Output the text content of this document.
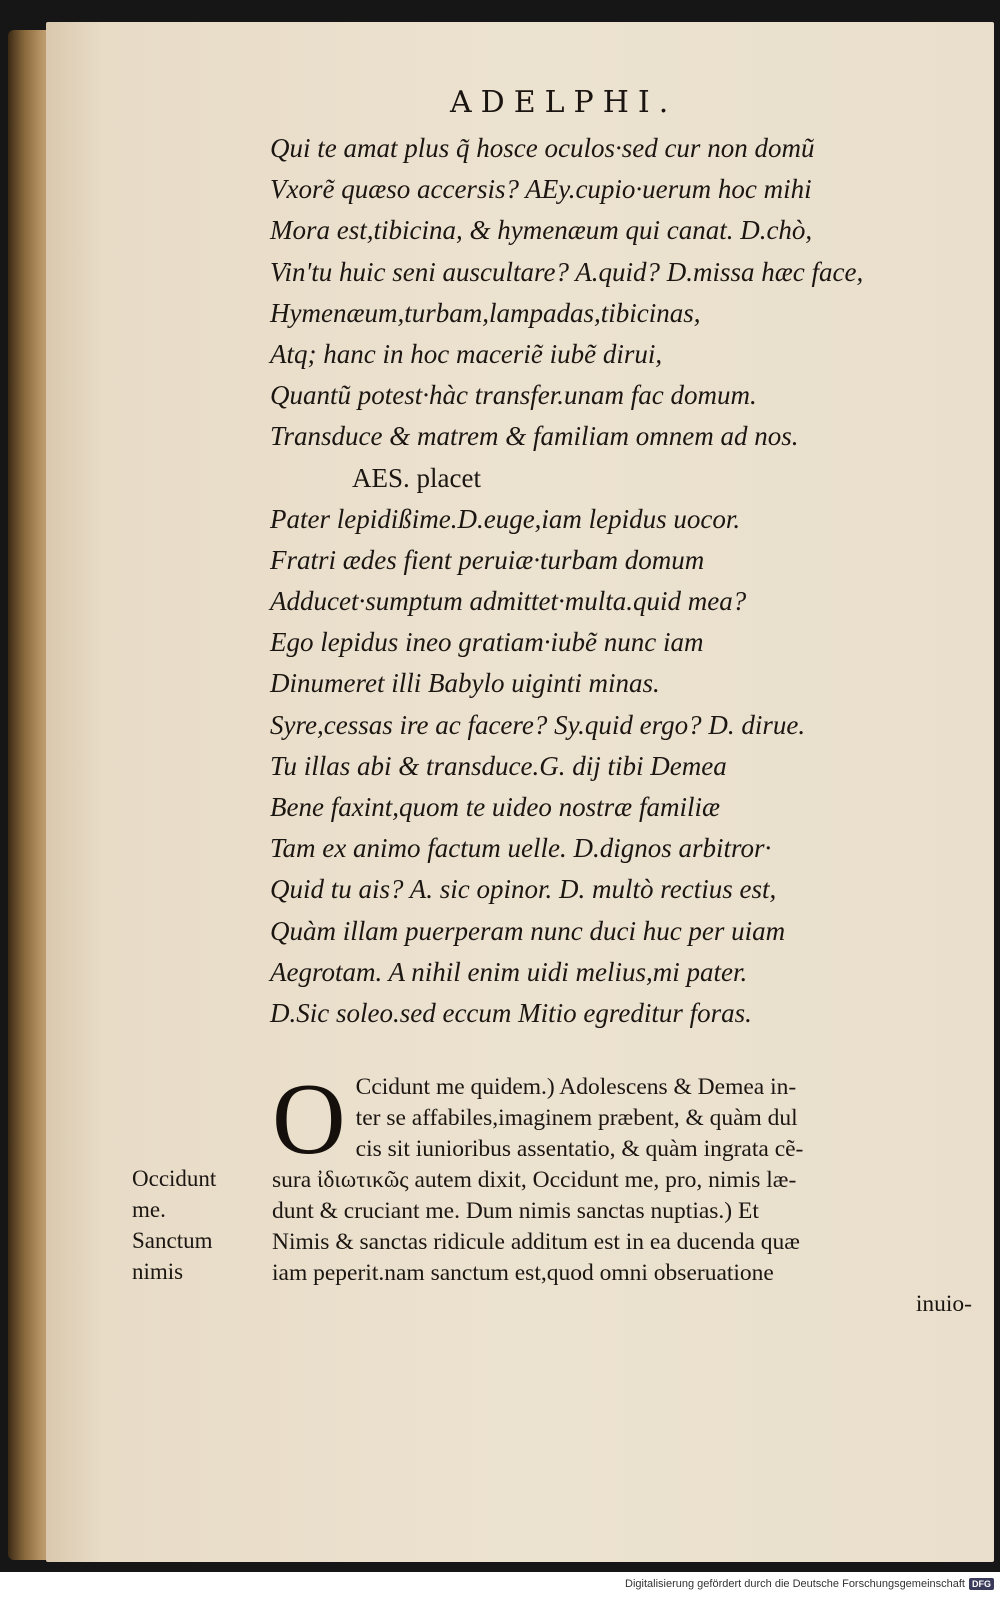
ADELPHI.
Qui te amat plus q̃ hosce oculos·sed cur non domũ
Vxorẽ quæso accersis? AEy.cupio·uerum hoc mihi
Mora est,tibicina, & hymenæum qui canat. D.chò,
Vin'tu huic seni auscultare? A.quid? D.missa hæc face,
Hymenæum,turbam,lampadas,tibicinas,
Atq; hanc in hoc maceriẽ iubẽ dirui,
Quantũ potest·hàc transfer.unam fac domum.
Transduce & matrem & familiam omnem ad nos.
AES. placet
Pater lepidißime.D.euge,iam lepidus uocor.
Fratri ædes fient peruiæ·turbam domum
Adducet·sumptum admittet·multa.quid mea?
Ego lepidus ineo gratiam·iubẽ nunc iam
Dinumeret illi Babylo uiginti minas.
Syre,cessas ire ac facere? Sy.quid ergo? D. dirue.
Tu illas abi & transduce.G. dij tibi Demea
Bene faxint,quom te uideo nostræ familiæ
Tam ex animo factum uelle. D.dignos arbitror·
Quid tu ais? A. sic opinor. D. multò rectius est,
Quàm illam puerperam nunc duci huc per uiam
Aegrotam. A nihil enim uidi melius,mi pater.
D.Sic soleo.sed eccum Mitio egreditur foras.
O Ccidunt me quidem.) Adolescens & Demea in-
ter se affabiles,imaginem præbent, & quàm dul
cis sit iunioribus assentatio, & quàm ingrata cẽ-
sura ἰδιωτικῶς autem dixit, Occidunt me, pro, nimis læ-
dunt & cruciant me. Dum nimis sanctas nuptias.) Et
Nimis & sanctas ridicule additum est in ea ducenda quæ
iam peperit.nam sanctum est,quod omni obseruatione
inuio-
Occidunt
me.
Sanctum
nimis
Digitalisierung gefördert durch die Deutsche Forschungsgemeinschaft DFG
